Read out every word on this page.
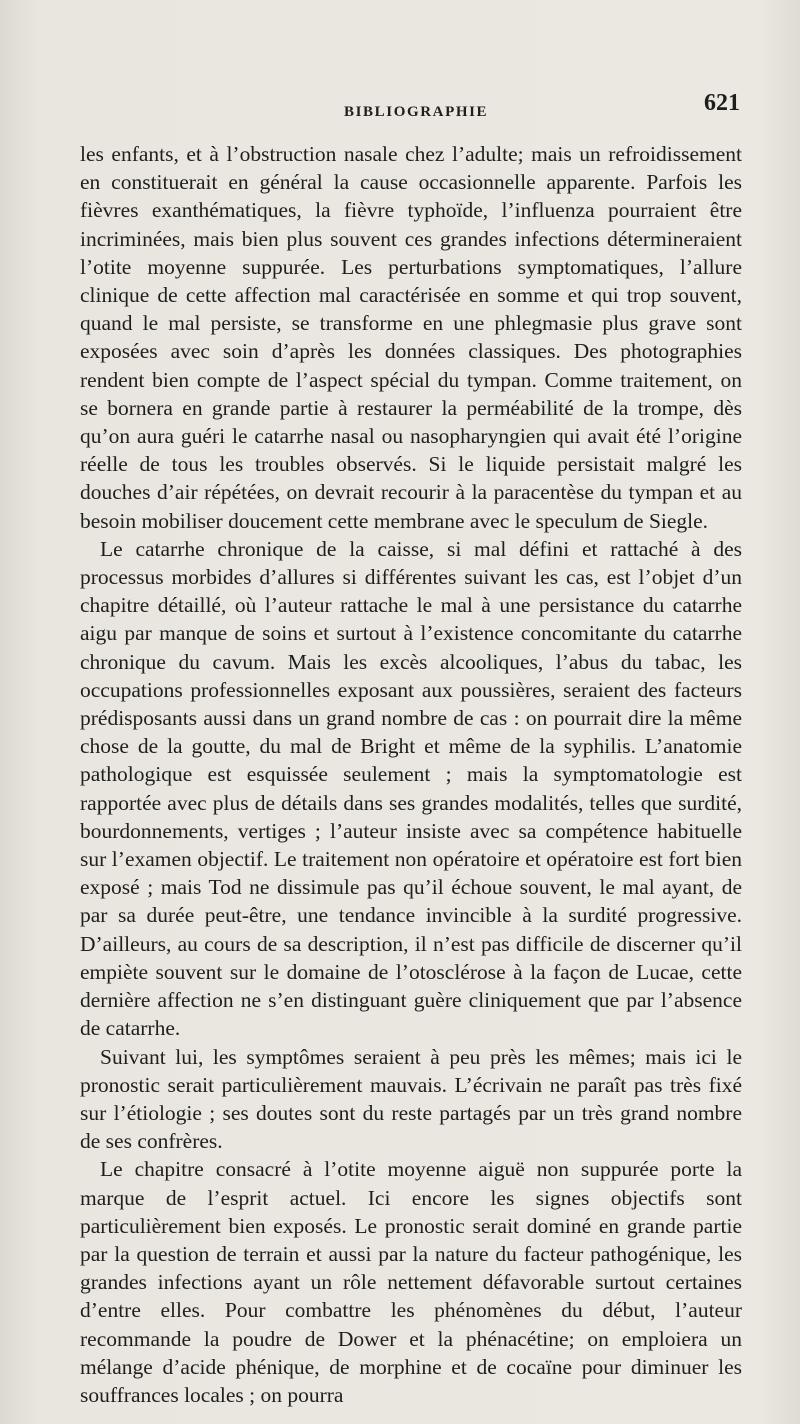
BIBLIOGRAPHIE	621

les enfants, et à l’obstruction nasale chez l’adulte; mais un refroidissement en constituerait en général la cause occasionnelle apparente. Parfois les fièvres exanthématiques, la fièvre typhoïde, l’influenza pourraient être incriminées, mais bien plus souvent ces grandes infections détermineraient l’otite moyenne suppurée. Les perturbations symptomatiques, l’allure clinique de cette affection mal caractérisée en somme et qui trop souvent, quand le mal persiste, se transforme en une phlegmasie plus grave sont exposées avec soin d’après les données classiques. Des photographies rendent bien compte de l’aspect spécial du tympan. Comme traitement, on se bornera en grande partie à restaurer la perméabilité de la trompe, dès qu’on aura guéri le catarrhe nasal ou nasopharyngien qui avait été l’origine réelle de tous les troubles observés. Si le liquide persistait malgré les douches d’air répétées, on devrait recourir à la paracentèse du tympan et au besoin mobiliser doucement cette membrane avec le speculum de Siegle.

Le catarrhe chronique de la caisse, si mal défini et rattaché à des processus morbides d’allures si différentes suivant les cas, est l’objet d’un chapitre détaillé, où l’auteur rattache le mal à une persistance du catarrhe aigu par manque de soins et surtout à l’existence concomitante du catarrhe chronique du cavum. Mais les excès alcooliques, l’abus du tabac, les occupations professionnelles exposant aux poussières, seraient des facteurs prédisposants aussi dans un grand nombre de cas : on pourrait dire la même chose de la goutte, du mal de Bright et même de la syphilis. L’anatomie pathologique est esquissée seulement ; mais la symptomatologie est rapportée avec plus de détails dans ses grandes modalités, telles que surdité, bourdonnements, vertiges ; l’auteur insiste avec sa compétence habituelle sur l’examen objectif. Le traitement non opératoire et opératoire est fort bien exposé ; mais Tod ne dissimule pas qu’il échoue souvent, le mal ayant, de par sa durée peut-être, une tendance invincible à la surdité progressive. D’ailleurs, au cours de sa description, il n’est pas difficile de discerner qu’il empiète souvent sur le domaine de l’otosclérose à la façon de Lucae, cette dernière affection ne s’en distinguant guère cliniquement que par l’absence de catarrhe.

Suivant lui, les symptômes seraient à peu près les mêmes; mais ici le pronostic serait particulièrement mauvais. L’écrivain ne paraît pas très fixé sur l’étiologie ; ses doutes sont du reste partagés par un très grand nombre de ses confrères.

Le chapitre consacré à l’otite moyenne aiguë non suppurée porte la marque de l’esprit actuel. Ici encore les signes objectifs sont particulièrement bien exposés. Le pronostic serait dominé en grande partie par la question de terrain et aussi par la nature du facteur pathogénique, les grandes infections ayant un rôle nettement défavorable surtout certaines d’entre elles. Pour combattre les phénomènes du début, l’auteur recommande la poudre de Dower et la phénacétine; on emploiera un mélange d’acide phénique, de morphine et de cocaïne pour diminuer les souffrances locales ; on pourra
